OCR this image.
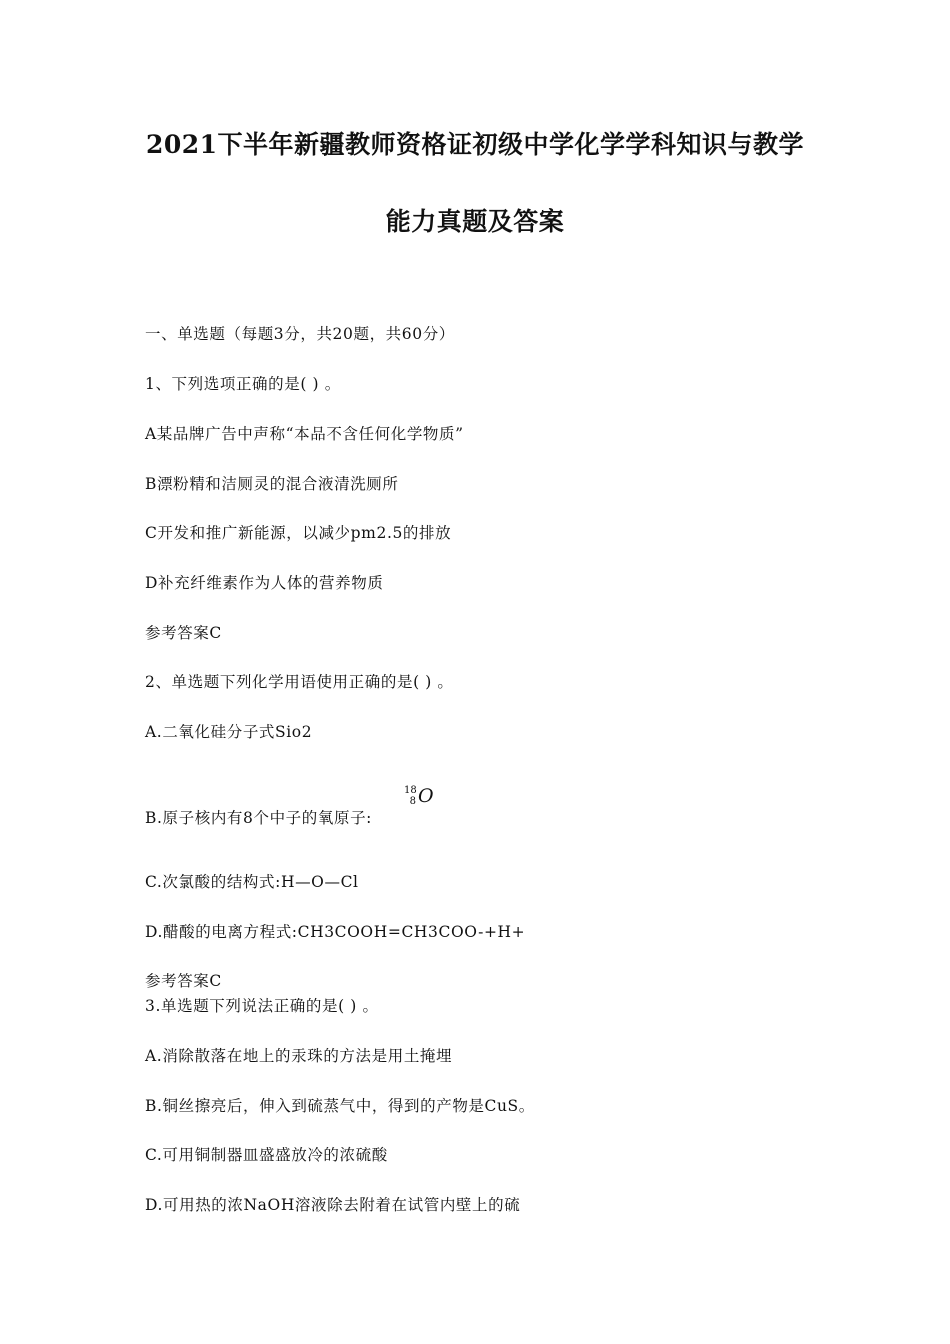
2021下半年新疆教师资格证初级中学化学学科知识与教学
能力真题及答案
一、单选题（每题3分，共20题，共60分）
1、下列选项正确的是( ) 。
A某品牌广告中声称“本品不含任何化学物质”
B漂粉精和洁厕灵的混合液清洗厕所
C开发和推广新能源，以减少pm2.5的排放
D补充纤维素作为人体的营养物质
参考答案C
2、单选题下列化学用语使用正确的是( ) 。
A.二氧化硅分子式Sio2
B.原子核内有8个中子的氧原子:
18
8 O
C.次氯酸的结构式:H—O—Cl
D.醋酸的电离方程式:CH3COOH=CH3COO-+H+
参考答案C
3.单选题下列说法正确的是( ) 。
A.消除散落在地上的汞珠的方法是用土掩埋
B.铜丝擦亮后，伸入到硫蒸气中，得到的产物是CuS。
C.可用铜制器皿盛盛放冷的浓硫酸
D.可用热的浓NaOH溶液除去附着在试管内壁上的硫
